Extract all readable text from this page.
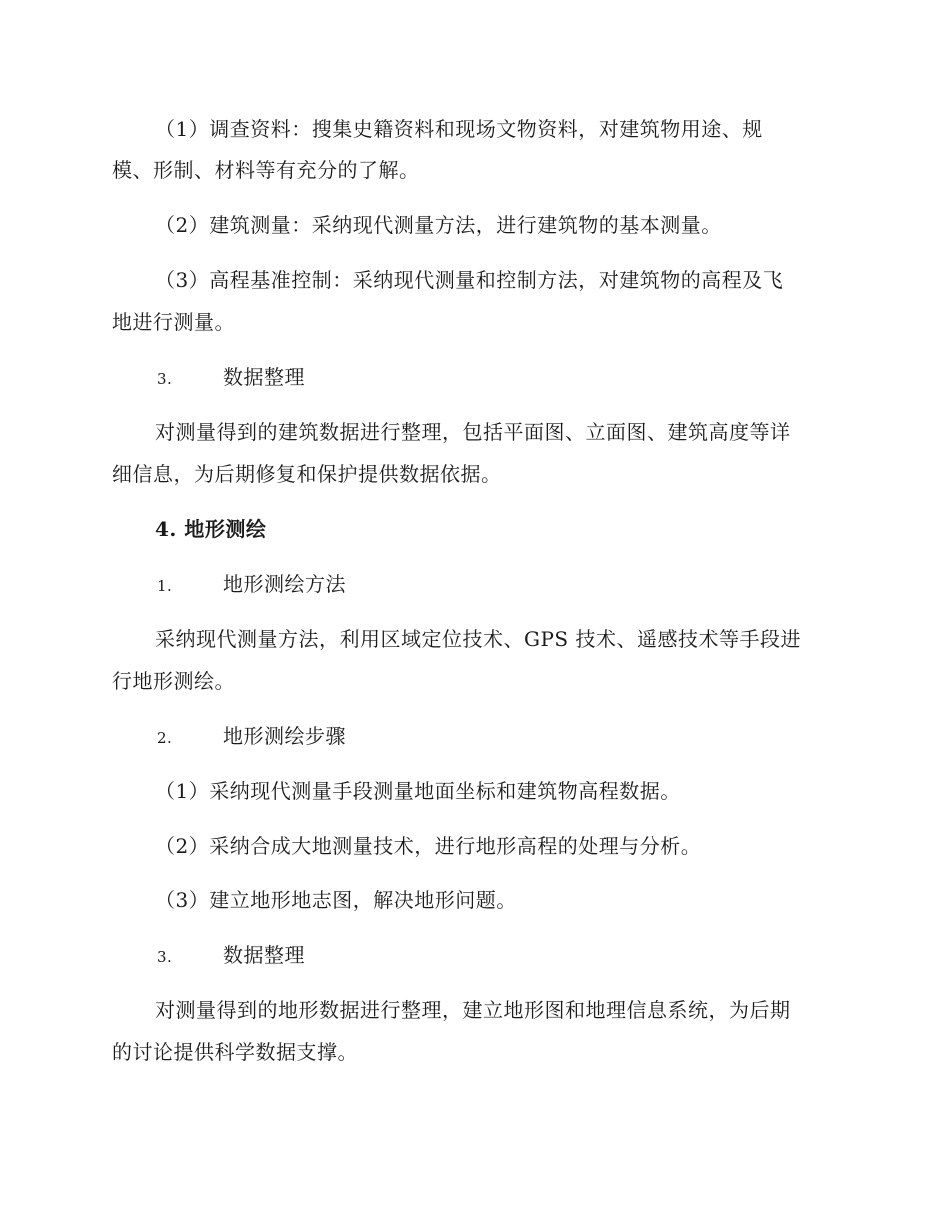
（1）调查资料：搜集史籍资料和现场文物资料，对建筑物用途、规
模、形制、材料等有充分的了解。
（2）建筑测量：采纳现代测量方法，进行建筑物的基本测量。
（3）高程基准控制：采纳现代测量和控制方法，对建筑物的高程及飞
地进行测量。
3.	数据整理
对测量得到的建筑数据进行整理，包括平面图、立面图、建筑高度等详
细信息，为后期修复和保护提供数据依据。
4. 地形测绘
1.	地形测绘方法
采纳现代测量方法，利用区域定位技术、GPS 技术、遥感技术等手段进
行地形测绘。
2.	地形测绘步骤
（1）采纳现代测量手段测量地面坐标和建筑物高程数据。
（2）采纳合成大地测量技术，进行地形高程的处理与分析。
（3）建立地形地志图，解决地形问题。
3.	数据整理
对测量得到的地形数据进行整理，建立地形图和地理信息系统，为后期
的讨论提供科学数据支撑。
